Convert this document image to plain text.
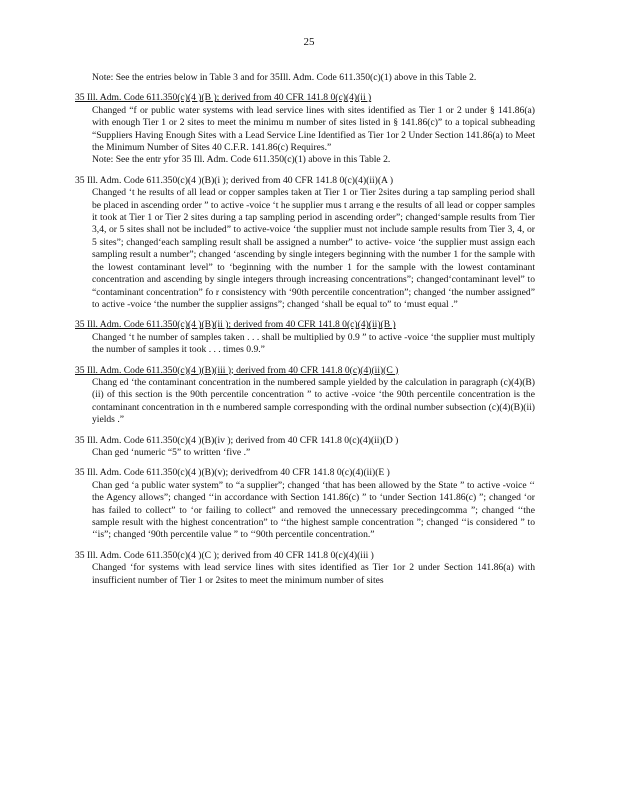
25

Note: See the entries below in Table 3 and for 35Ill. Adm. Code 611.350(c)(1) above in this Table 2.

35 Ill. Adm. Code 611.350(c)(4 )(B ); derived from 40 CFR 141.8 0(c)(4)(ii )

Changed “f or public water systems with lead service lines with sites identified as Tier 1 or 2 under § 141.86(a) with enough Tier 1 or 2 sites to meet the minimu m number of sites listed in § 141.86(c)” to a topical subheading “Suppliers Having Enough Sites with a Lead Service Line Identified as Tier 1or 2 Under Section 141.86(a) to Meet the Minimum Number of Sites 40 C.F.R. 141.86(c) Requires.”

Note: See the entr yfor 35 Ill. Adm. Code 611.350(c)(1) above in this Table 2.

35 Ill. Adm. Code 611.350(c)(4 )(B)(i ); derived from 40 CFR 141.8 0(c)(4)(ii)(A )

Changed ‘t he results of all lead or copper samples taken at Tier 1 or Tier 2sites during a tap sampling period shall be placed in ascending order ” to active -voice ‘t he supplier mus t arrang e the results of all lead or copper samples it took at Tier 1 or Tier 2 sites during a tap sampling period in ascending order”; changed‘sample results from Tier 3,4, or 5 sites shall not be included” to active-voice ‘the supplier must not include sample results from Tier 3, 4, or 5 sites”; changed‘each sampling result shall be assigned a number” to active- voice ‘the supplier must assign each sampling result a number”; changed ‘ascending by single integers beginning with the number 1 for the sample with the lowest contaminant level” to ‘beginning with the number 1 for the sample with the lowest contaminant concentration and ascending by single integers through increasing concentrations”; changed‘contaminant level” to “contaminant concentration” fo r consistency with ‘90th percentile concentration”; changed ‘the number assigned” to active -voice ‘the number the supplier assigns”; changed ‘shall be equal to” to ‘must equal .”

35 Ill. Adm. Code 611.350(c)(4 )(B)(ii ); derived from 40 CFR 141.8 0(c)(4)(ii)(B )

Changed ‘t he number of samples taken . . . shall be multiplied by 0.9 ” to active -voice ‘the supplier must multiply the number of samples it took . . . times 0.9.”

35 Ill. Adm. Code 611.350(c)(4 )(B)(iii ); derived from 40 CFR 141.8 0(c)(4)(ii)(C )

Chang ed ‘the contaminant concentration in the numbered sample yielded by the calculation in paragraph (c)(4)(B)(ii) of this section is the 90th percentile concentration ” to active -voice ‘the 90th percentile concentration is the contaminant concentration in th e numbered sample corresponding with the ordinal number subsection (c)(4)(B)(ii) yields .”

35 Ill. Adm. Code 611.350(c)(4 )(B)(iv ); derived from 40 CFR 141.8 0(c)(4)(ii)(D )

Chan ged ‘numeric “5” to written ‘five .”

35 Ill. Adm. Code 611.350(c)(4 )(B)(v); derivedfrom 40 CFR 141.8 0(c)(4)(ii)(E )

Chan ged ‘a public water system” to “a supplier”; changed ‘that has been allowed by the State ” to active -voice ‘‘ the Agency allows”; changed ‘‘in accordance with Section 141.86(c) ” to ‘under Section 141.86(c) ”; changed ‘or has failed to collect” to ‘or failing to collect” and removed the unnecessary precedingcomma ”; changed ‘‘the sample result with the highest concentration” to ‘‘the highest sample concentration ”; changed ‘‘is considered ” to ‘‘is”; changed ‘90th percentile value ” to ‘‘90th percentile concentration.”

35 Ill. Adm. Code 611.350(c)(4 )(C ); derived from 40 CFR 141.8 0(c)(4)(iii )

Changed ‘for systems with lead service lines with sites identified as Tier 1or 2 under Section 141.86(a) with insufficient number of Tier 1 or 2sites to meet the minimum number of sites
